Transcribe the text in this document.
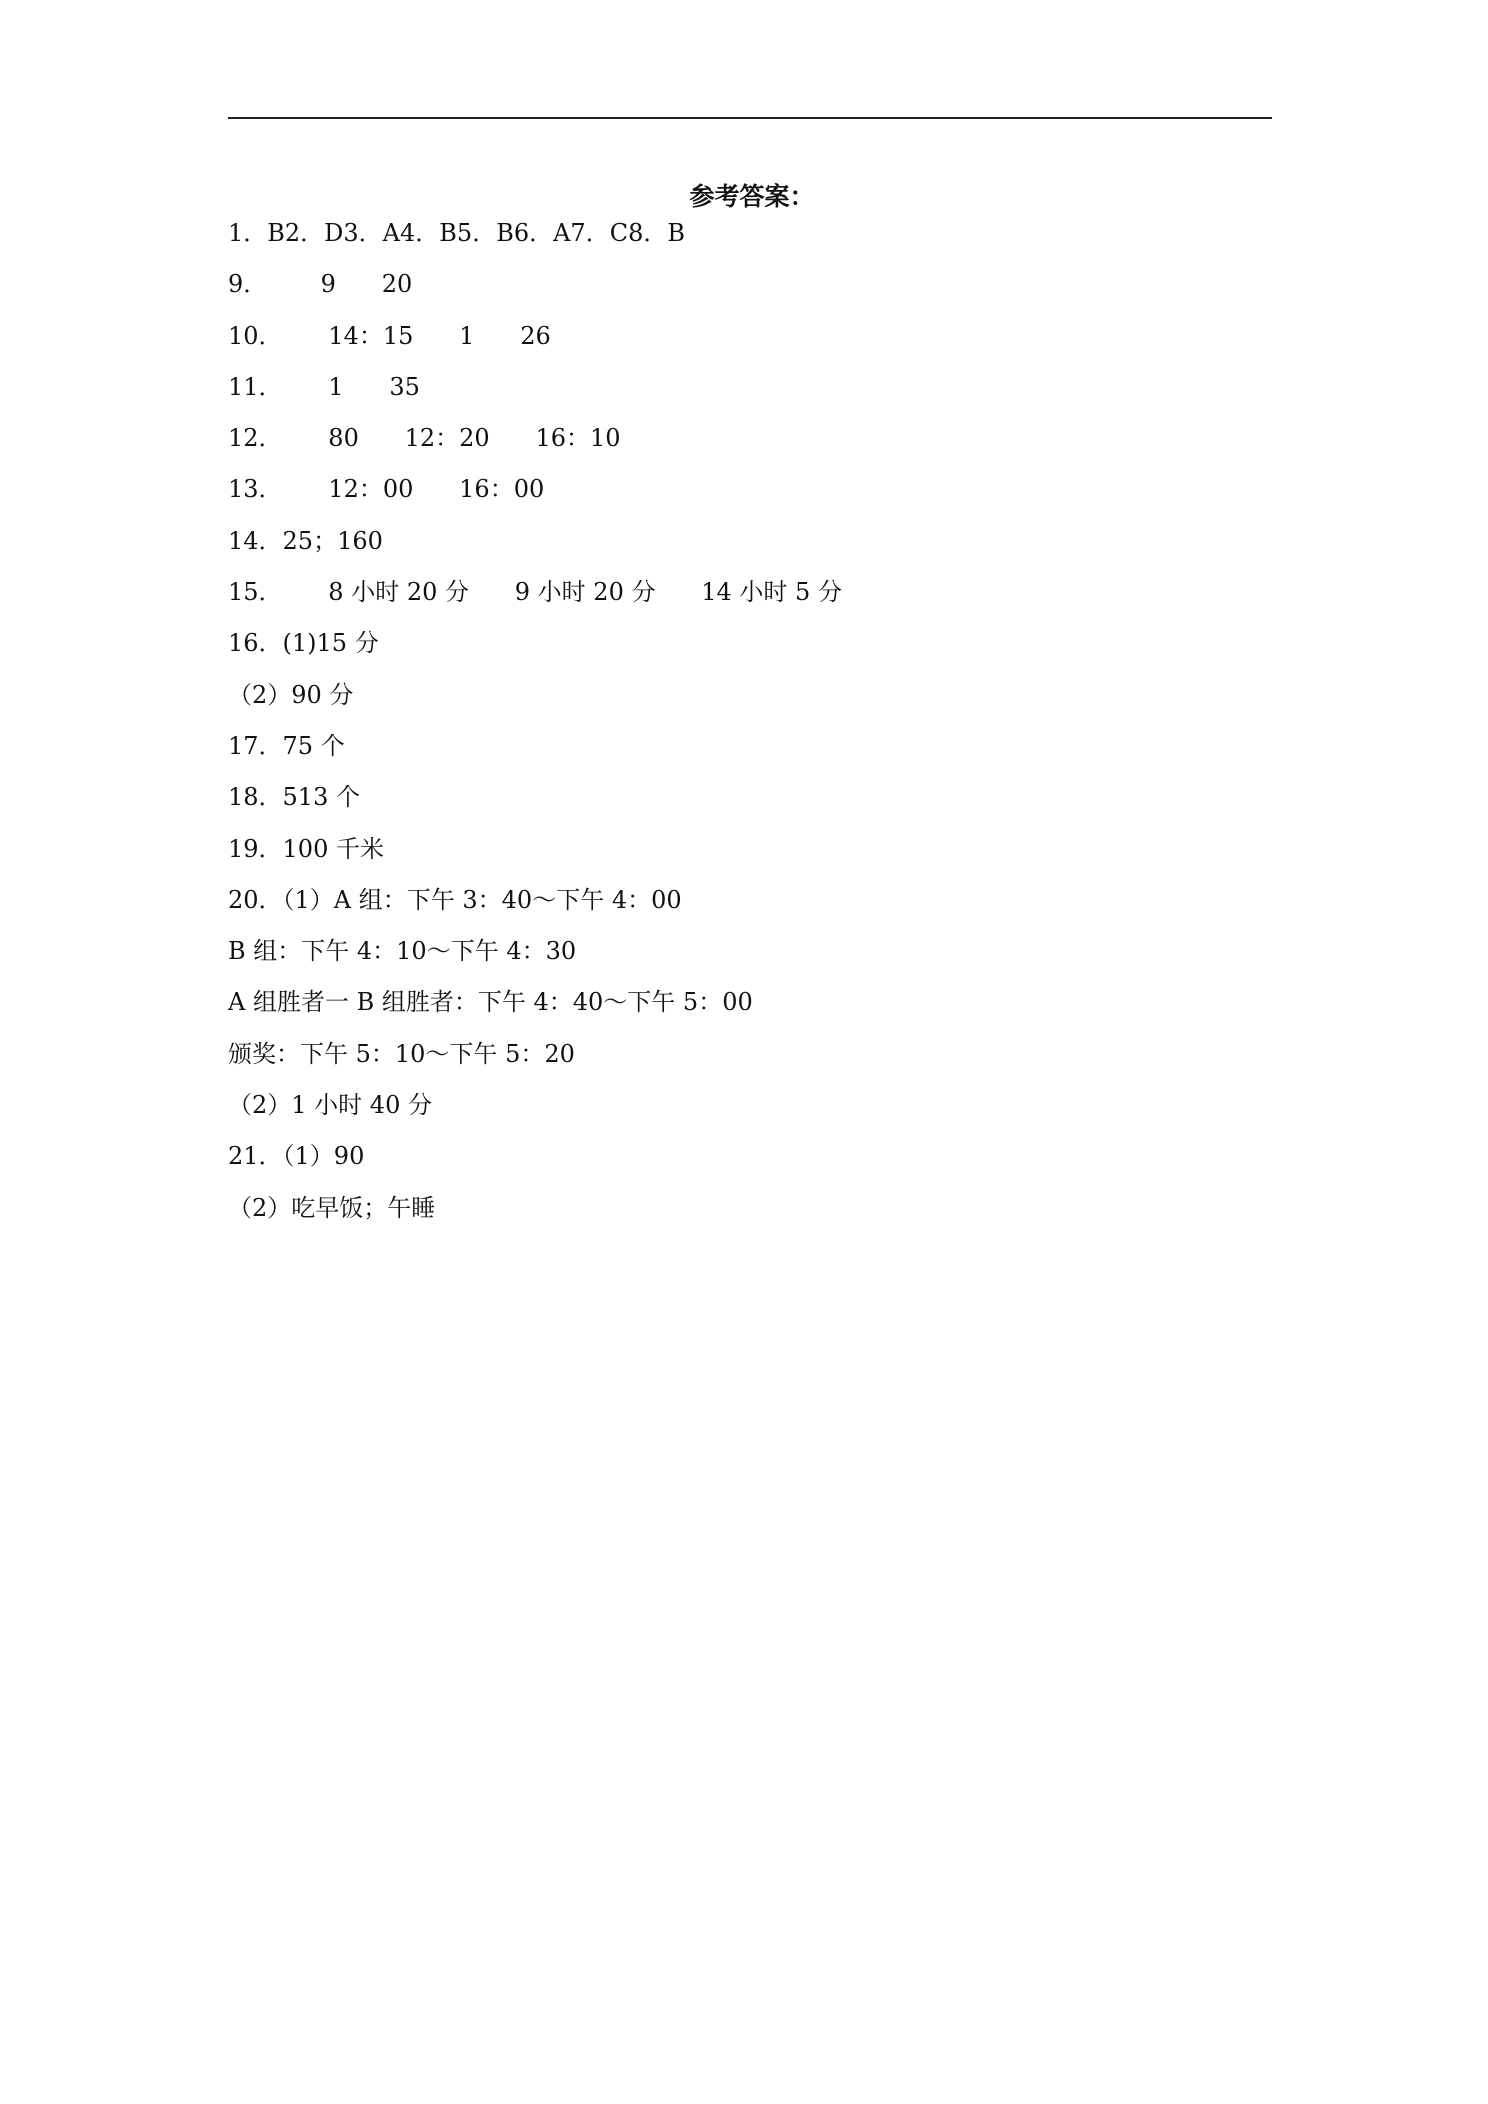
参考答案：
1．B2．D3．A4．B5．B6．A7．C8．B
9．       9      20
10．      14：15      1      26
11．      1      35
12．      80      12：20      16：10
13．      12：00      16：00
14．25；160
15．      8 小时 20 分      9 小时 20 分      14 小时 5 分
16．(1)15 分
（2）90 分
17．75 个
18．513 个
19．100 千米
20．（1）A 组：下午 3：40～下午 4：00
B 组：下午 4：10～下午 4：30
A 组胜者一 B 组胜者：下午 4：40～下午 5：00
颁奖：下午 5：10～下午 5：20
（2）1 小时 40 分
21．（1）90
（2）吃早饭；午睡
